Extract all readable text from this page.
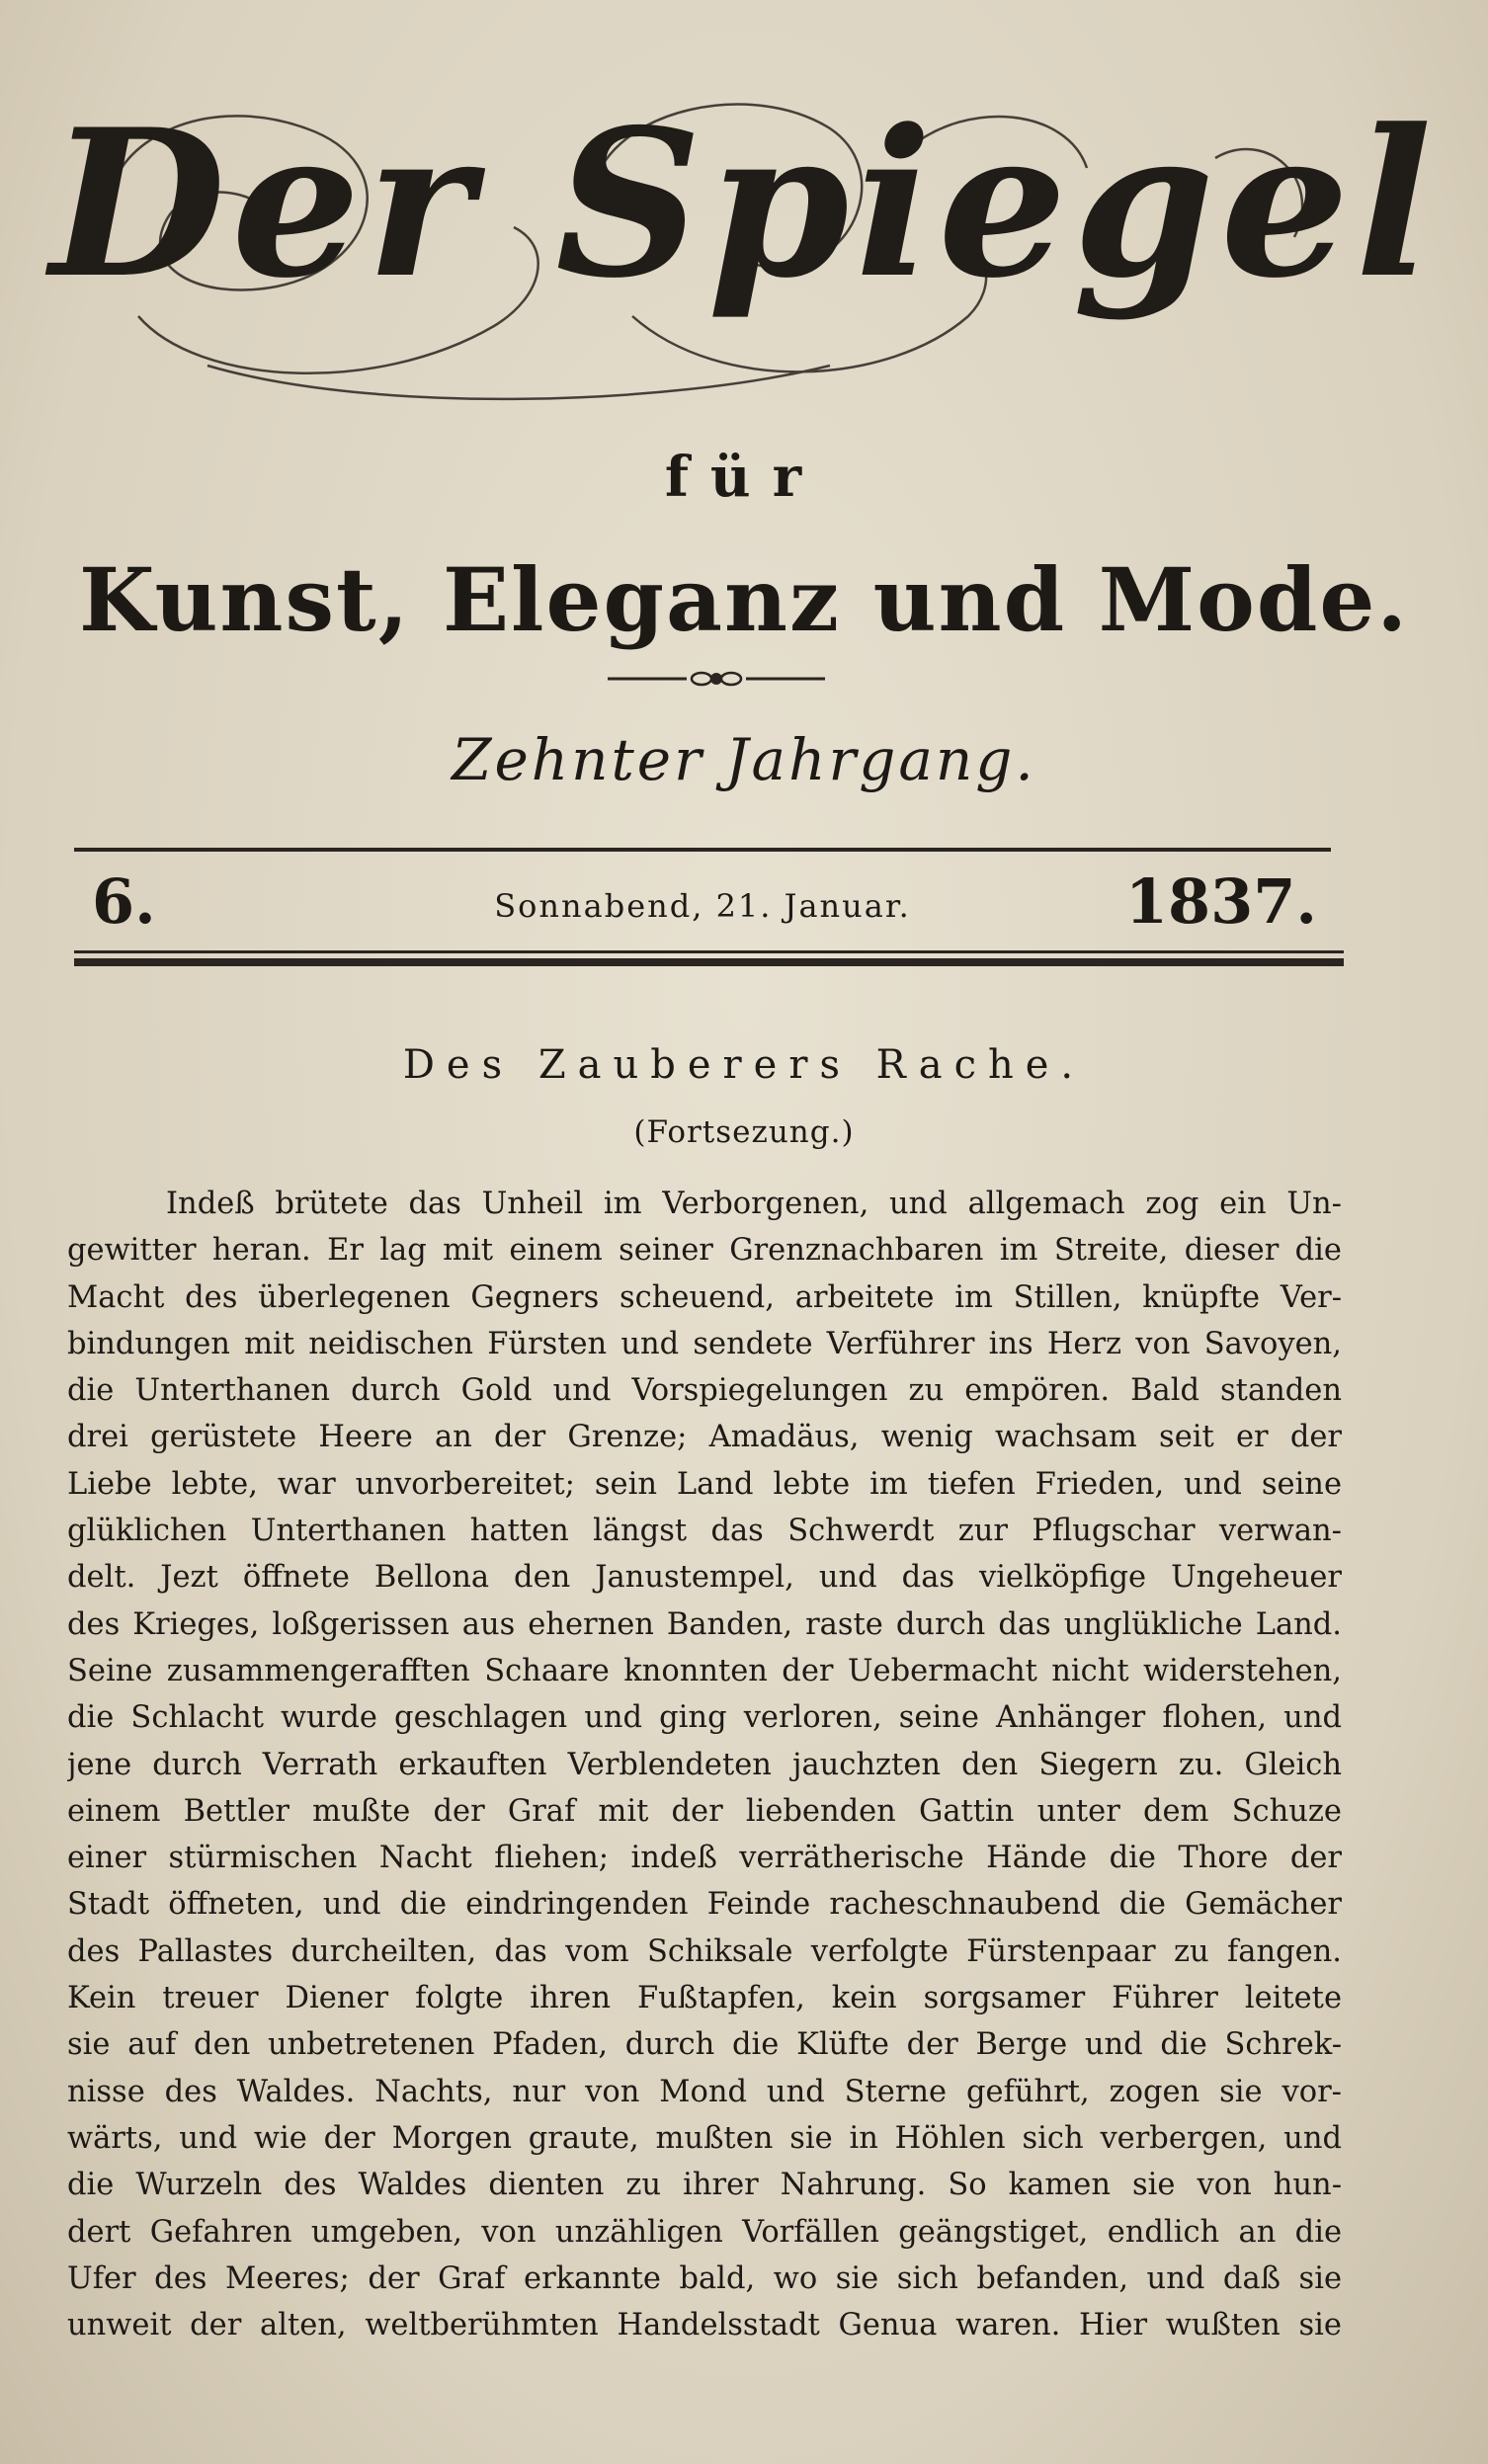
Der Spiegel
für
Kunst, Eleganz und Mode.
Zehnter Jahrgang.
6.	Sonnabend, 21. Januar.	1837.
Des Zauberers Rache.
(Fortsezung.)
Indeß brütete das Unheil im Verborgenen, und allgemach zog ein Un-
gewitter heran. Er lag mit einem seiner Grenznachbaren im Streite, dieser die
Macht des überlegenen Gegners scheuend, arbeitete im Stillen, knüpfte Ver-
bindungen mit neidischen Fürsten und sendete Verführer ins Herz von Savoyen,
die Unterthanen durch Gold und Vorspiegelungen zu empören. Bald standen
drei gerüstete Heere an der Grenze; Amadäus, wenig wachsam seit er der
Liebe lebte, war unvorbereitet; sein Land lebte im tiefen Frieden, und seine
glüklichen Unterthanen hatten längst das Schwerdt zur Pflugschar verwan-
delt. Jezt öffnete Bellona den Janustempel, und das vielköpfige Ungeheuer
des Krieges, loßgerissen aus ehernen Banden, raste durch das unglükliche Land.
Seine zusammengerafften Schaare knonnten der Uebermacht nicht widerstehen,
die Schlacht wurde geschlagen und ging verloren, seine Anhänger flohen, und
jene durch Verrath erkauften Verblendeten jauchzten den Siegern zu. Gleich
einem Bettler mußte der Graf mit der liebenden Gattin unter dem Schuze
einer stürmischen Nacht fliehen; indeß verrätherische Hände die Thore der
Stadt öffneten, und die eindringenden Feinde racheschnaubend die Gemächer
des Pallastes durcheilten, das vom Schiksale verfolgte Fürstenpaar zu fangen.
Kein treuer Diener folgte ihren Fußtapfen, kein sorgsamer Führer leitete
sie auf den unbetretenen Pfaden, durch die Klüfte der Berge und die Schrek-
nisse des Waldes. Nachts, nur von Mond und Sterne geführt, zogen sie vor-
wärts, und wie der Morgen graute, mußten sie in Höhlen sich verbergen, und
die Wurzeln des Waldes dienten zu ihrer Nahrung. So kamen sie von hun-
dert Gefahren umgeben, von unzähligen Vorfällen geängstiget, endlich an die
Ufer des Meeres; der Graf erkannte bald, wo sie sich befanden, und daß sie
unweit der alten, weltberühmten Handelsstadt Genua waren. Hier wußten sie
